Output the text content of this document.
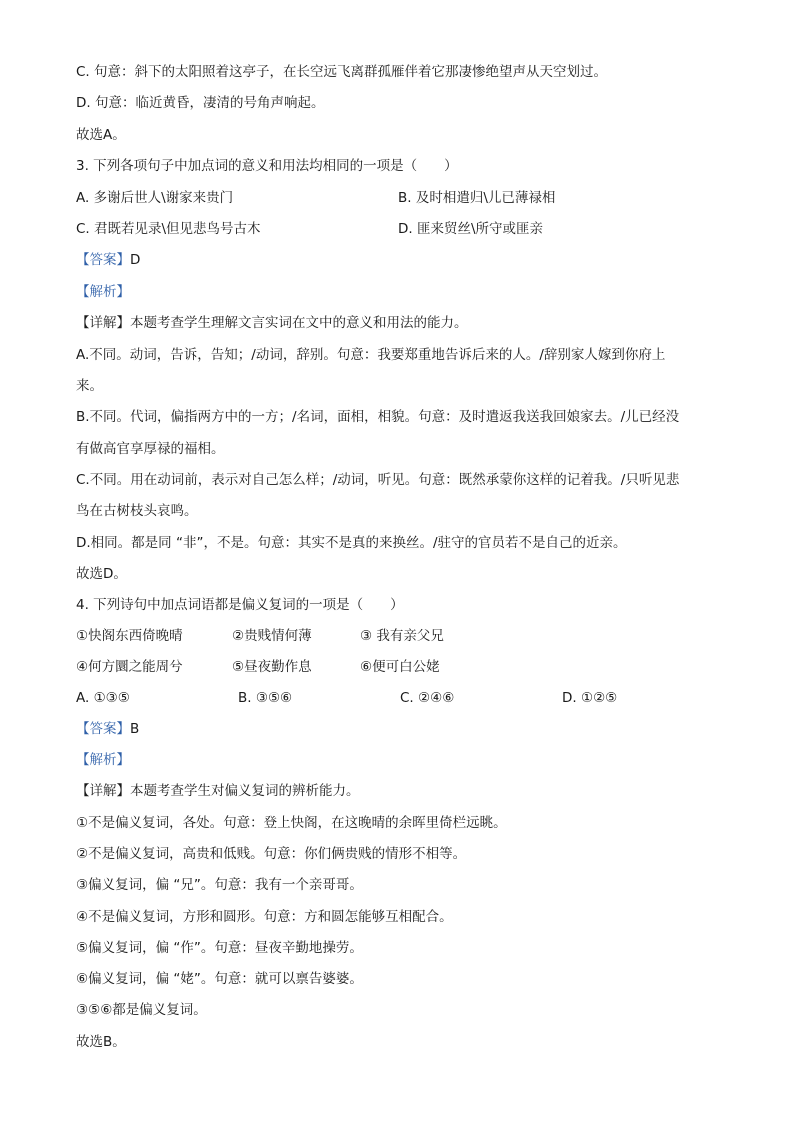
C. 句意：斜下的太阳照着这亭子，在长空远飞离群孤雁伴着它那凄惨绝望声从天空划过。
D. 句意：临近黄昏，凄清的号角声响起。
故选A。
3. 下列各项句子中加点词的意义和用法均相同的一项是（　　）
A. 多谢后世人\谢家来贵门	B. 及时相遣归\儿已薄禄相
C. 君既若见录\但见悲鸟号古木	D. 匪来贸丝\所守或匪亲
【答案】D
【解析】
【详解】本题考查学生理解文言实词在文中的意义和用法的能力。
A.不同。动词，告诉，告知；/动词，辞别。句意：我要郑重地告诉后来的人。/辞别家人嫁到你府上
来。
B.不同。代词，偏指两方中的一方；/名词，面相，相貌。句意：及时遣返我送我回娘家去。/儿已经没
有做高官享厚禄的福相。
C.不同。用在动词前，表示对自己怎么样；/动词，听见。句意：既然承蒙你这样的记着我。/只听见悲
鸟在古树枝头哀鸣。
D.相同。都是同 “非”，不是。句意：其实不是真的来换丝。/驻守的官员若不是自己的近亲。
故选D。
4. 下列诗句中加点词语都是偏义复词的一项是（　　）
①快阁东西倚晚晴	②贵贱情何薄	③ 我有亲父兄
④何方圜之能周兮	⑤昼夜勤作息	⑥便可白公姥
A. ①③⑤	B. ③⑤⑥	C. ②④⑥	D. ①②⑤
【答案】B
【解析】
【详解】本题考查学生对偏义复词的辨析能力。
①不是偏义复词，各处。句意：登上快阁，在这晚晴的余晖里倚栏远眺。
②不是偏义复词，高贵和低贱。句意：你们俩贵贱的情形不相等。
③偏义复词，偏 “兄”。句意：我有一个亲哥哥。
④不是偏义复词，方形和圆形。句意：方和圆怎能够互相配合。
⑤偏义复词，偏 “作”。句意：昼夜辛勤地操劳。
⑥偏义复词，偏 “姥”。句意：就可以禀告婆婆。
③⑤⑥都是偏义复词。
故选B。
